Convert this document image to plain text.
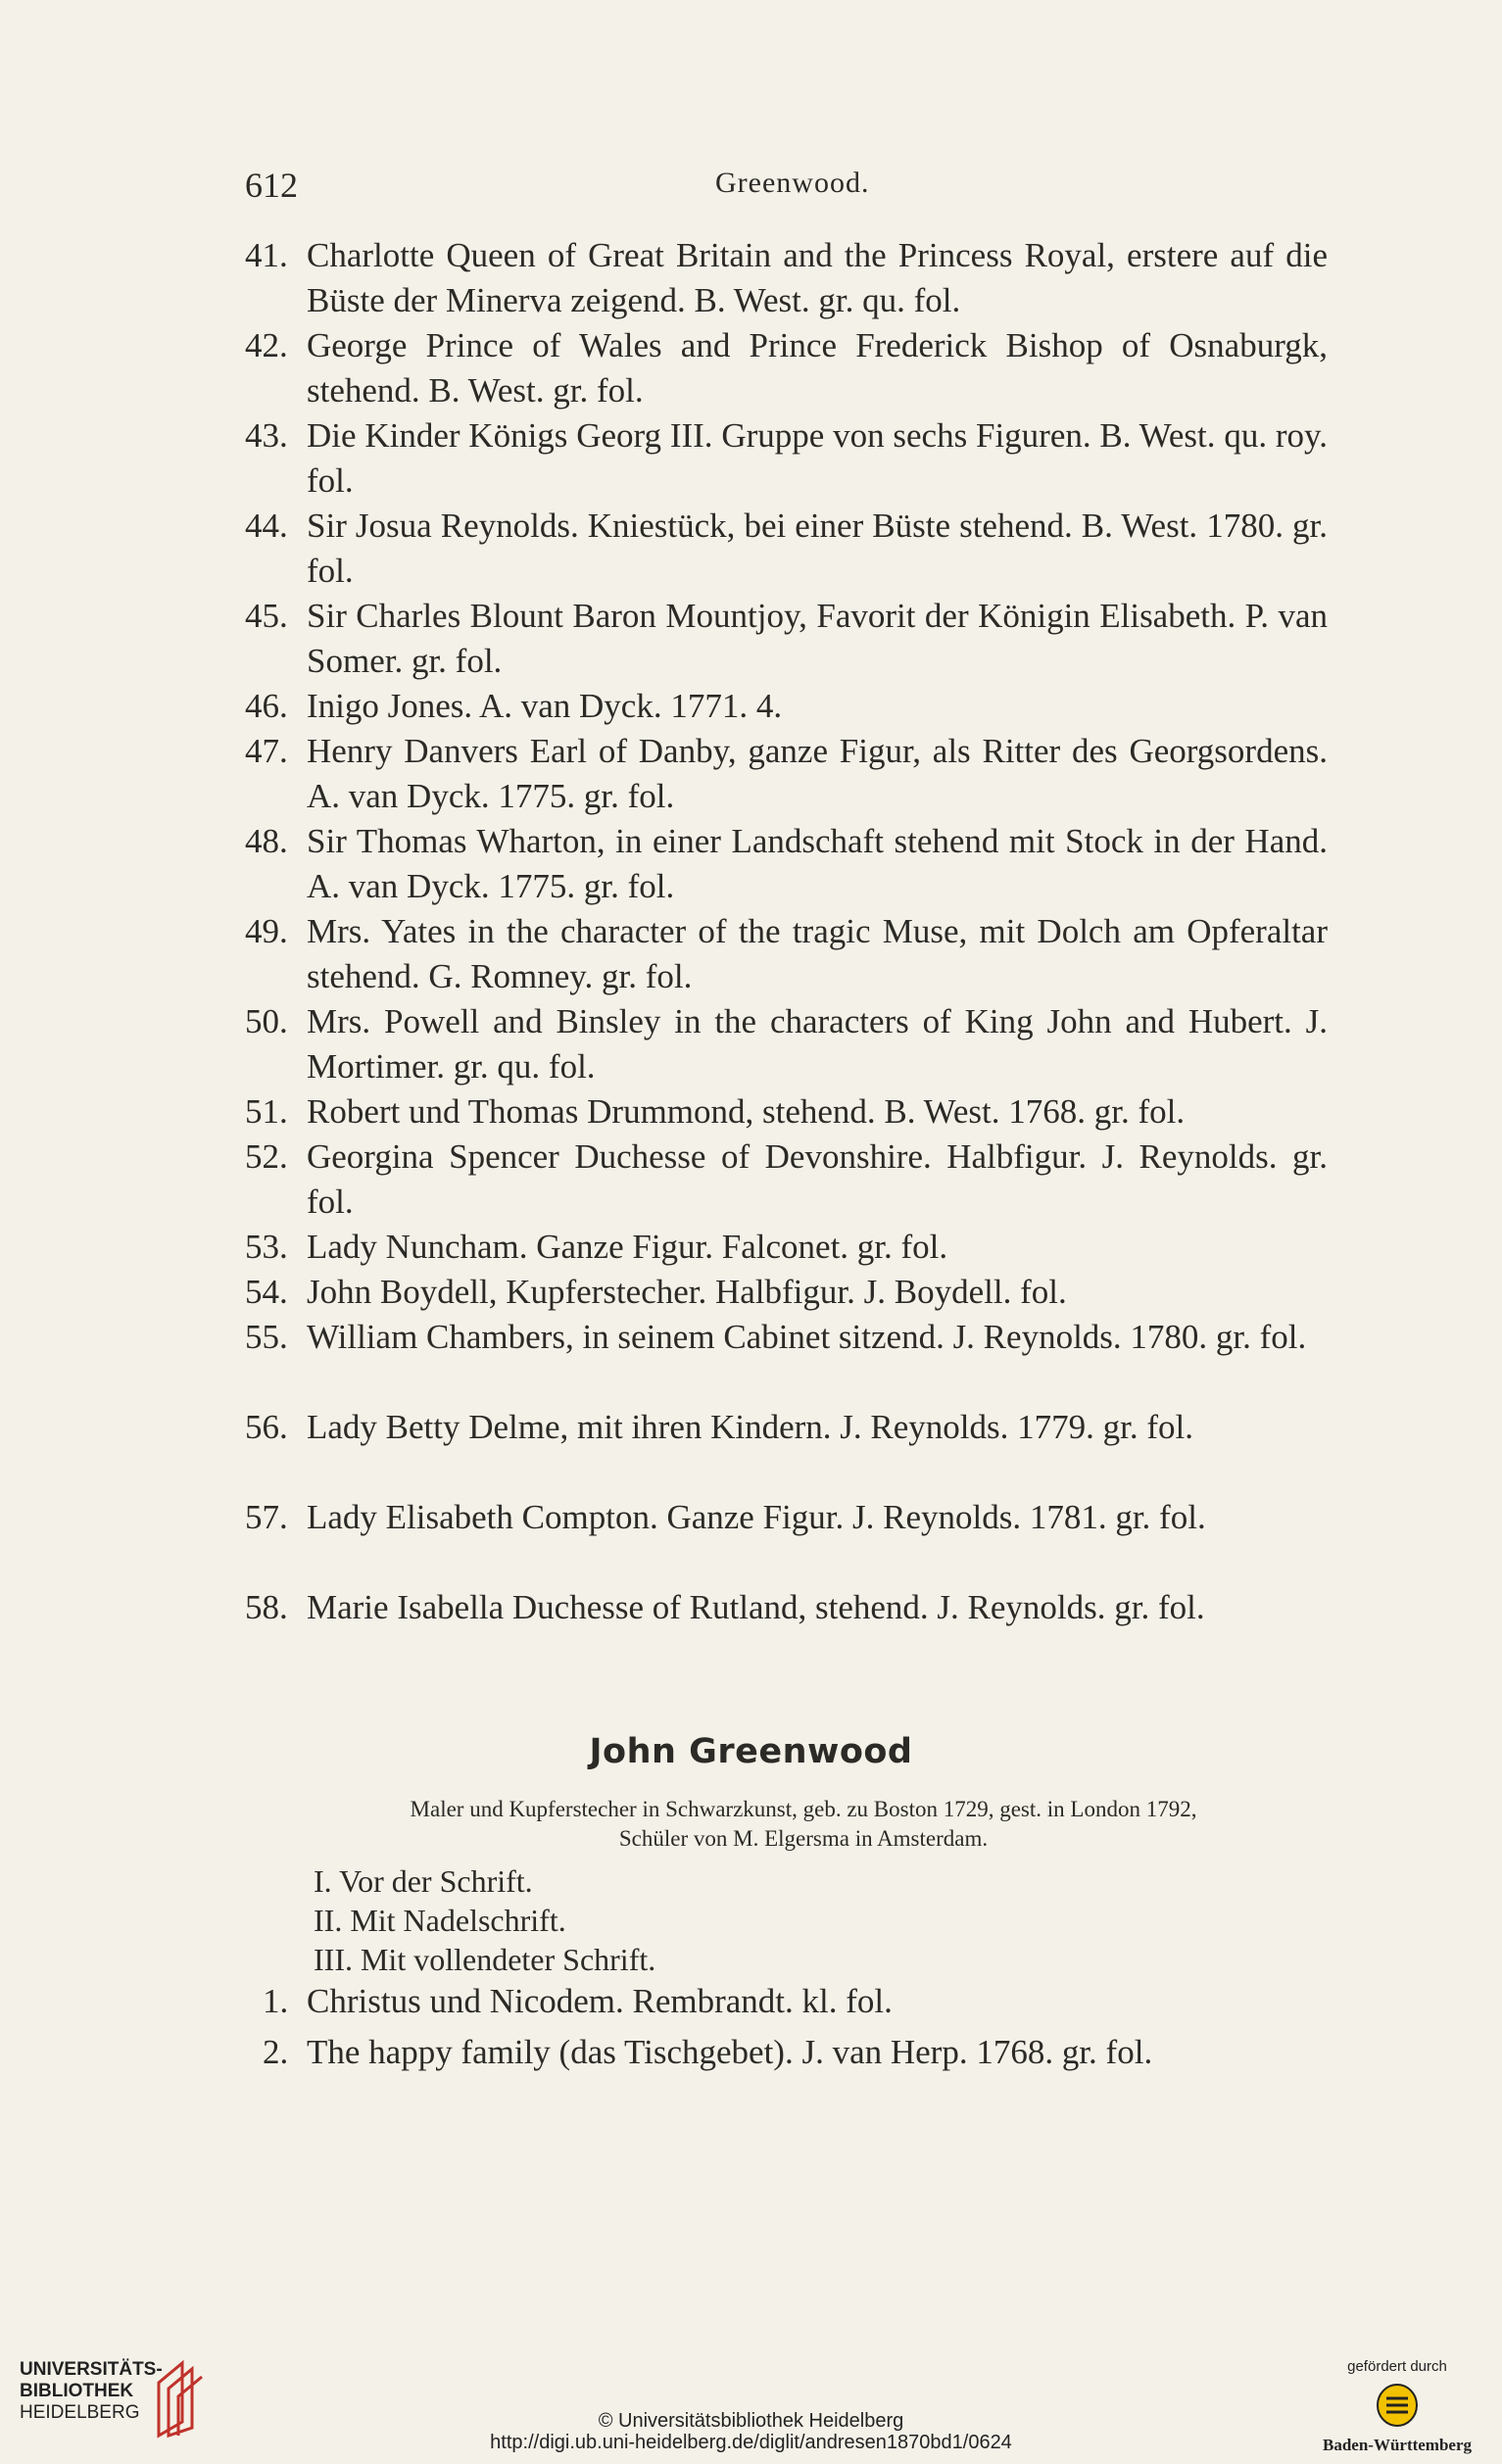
612	Greenwood.
41. Charlotte Queen of Great Britain and the Princess Royal, erstere auf die Büste der Minerva zeigend. B. West. gr. qu. fol.
42. George Prince of Wales and Prince Frederick Bishop of Osnaburgk, stehend. B. West. gr. fol.
43. Die Kinder Königs Georg III. Gruppe von sechs Figuren. B. West. qu. roy. fol.
44. Sir Josua Reynolds. Kniestück, bei einer Büste stehend. B. West. 1780. gr. fol.
45. Sir Charles Blount Baron Mountjoy, Favorit der Königin Elisabeth. P. van Somer. gr. fol.
46. Inigo Jones. A. van Dyck. 1771. 4.
47. Henry Danvers Earl of Danby, ganze Figur, als Ritter des Georgsordens. A. van Dyck. 1775. gr. fol.
48. Sir Thomas Wharton, in einer Landschaft stehend mit Stock in der Hand. A. van Dyck. 1775. gr. fol.
49. Mrs. Yates in the character of the tragic Muse, mit Dolch am Opferaltar stehend. G. Romney. gr. fol.
50. Mrs. Powell and Binsley in the characters of King John and Hubert. J. Mortimer. gr. qu. fol.
51. Robert und Thomas Drummond, stehend. B. West. 1768. gr. fol.
52. Georgina Spencer Duchesse of Devonshire. Halbfigur. J. Reynolds. gr. fol.
53. Lady Nuncham. Ganze Figur. Falconet. gr. fol.
54. John Boydell, Kupferstecher. Halbfigur. J. Boydell. fol.
55. William Chambers, in seinem Cabinet sitzend. J. Reynolds. 1780. gr. fol.
56. Lady Betty Delme, mit ihren Kindern. J. Reynolds. 1779. gr. fol.
57. Lady Elisabeth Compton. Ganze Figur. J. Reynolds. 1781. gr. fol.
58. Marie Isabella Duchesse of Rutland, stehend. J. Reynolds. gr. fol.
John Greenwood
Maler und Kupferstecher in Schwarzkunst, geb. zu Boston 1729, gest. in London 1792,
Schüler von M. Elgersma in Amsterdam.
I. Vor der Schrift.
II. Mit Nadelschrift.
III. Mit vollendeter Schrift.
1. Christus und Nicodem. Rembrandt. kl. fol.
2. The happy family (das Tischgebet). J. van Herp. 1768. gr. fol.
UNIVERSITÄTS-
BIBLIOTHEK
HEIDELBERG	© Universitätsbibliothek Heidelberg
http://digi.ub.uni-heidelberg.de/diglit/andresen1870bd1/0624
gefördert durch
Baden-Württemberg
